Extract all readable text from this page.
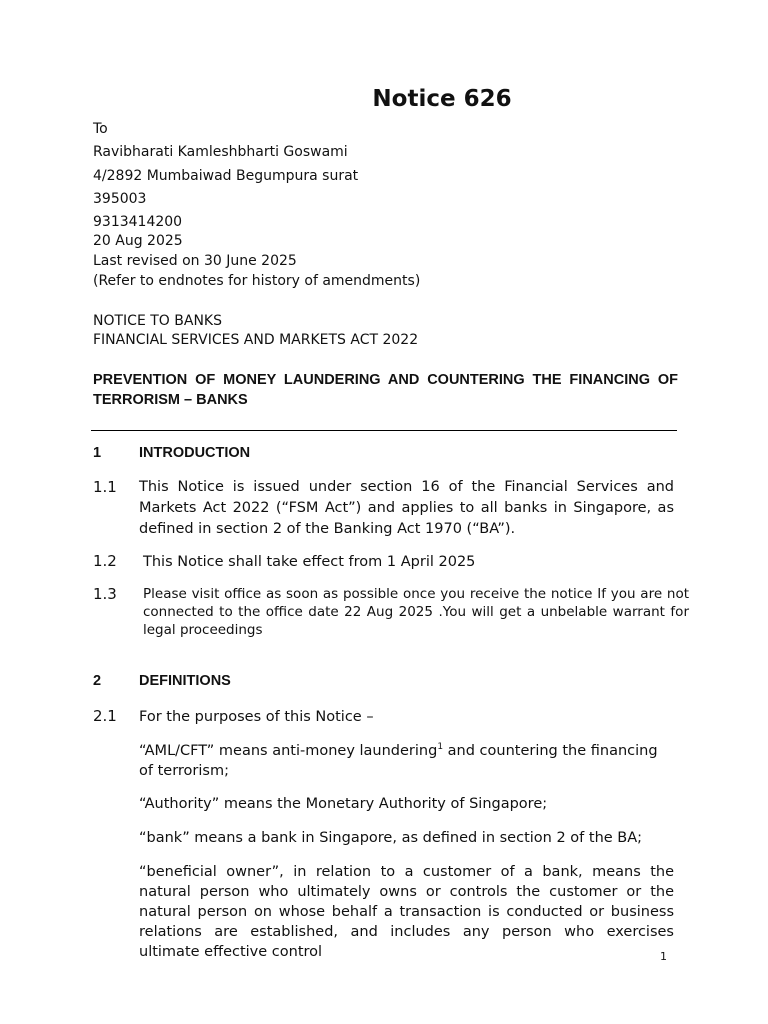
Notice 626
To
Ravibharati Kamleshbharti Goswami
4/2892 Mumbaiwad Begumpura surat
395003
9313414200
20 Aug 2025
Last revised on 30 June 2025
(Refer to endnotes for history of amendments)
NOTICE TO BANKS
FINANCIAL SERVICES AND MARKETS ACT 2022
PREVENTION OF MONEY LAUNDERING AND COUNTERING THE FINANCING OF TERRORISM – BANKS
1	INTRODUCTION
1.1 This Notice is issued under section 16 of the Financial Services and Markets Act 2022 (“FSM Act”) and applies to all banks in Singapore, as defined in section 2 of the Banking Act 1970 (“BA”).
1.2 This Notice shall take effect from 1 April 2025
1.3 Please visit office as soon as possible once you receive the notice If you are not connected to the office date 22 Aug 2025 .You will get a unbelable warrant for legal proceedings
2	DEFINITIONS
2.1 For the purposes of this Notice –
“AML/CFT” means anti-money laundering$^1$ and countering the financing of terrorism;
“Authority” means the Monetary Authority of Singapore;
“bank” means a bank in Singapore, as defined in section 2 of the BA;
“beneficial owner”, in relation to a customer of a bank, means the natural person who ultimately owns or controls the customer or the natural person on whose behalf a transaction is conducted or business relations are established, and includes any person who exercises ultimate effective control	1
